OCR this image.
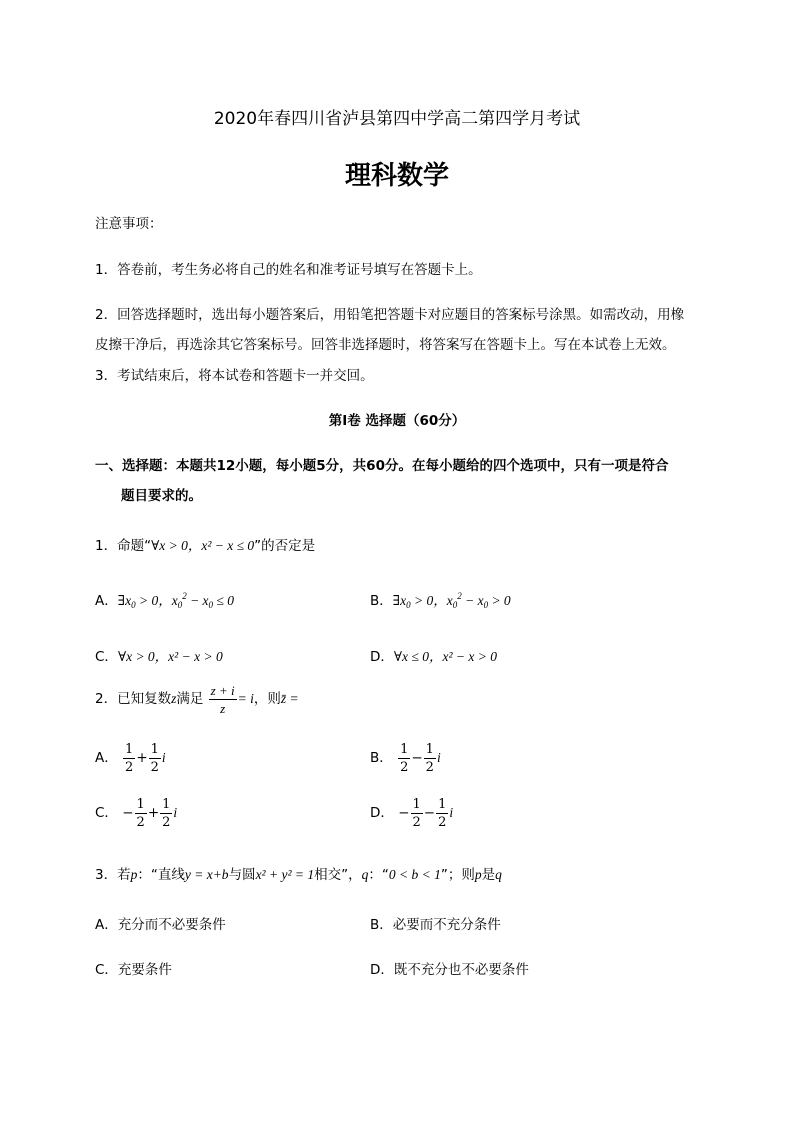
2020年春四川省泸县第四中学高二第四学月考试
理科数学
注意事项：
1．答卷前，考生务必将自己的姓名和准考证号填写在答题卡上。
2．回答选择题时，选出每小题答案后，用铅笔把答题卡对应题目的答案标号涂黑。如需改动，用橡
皮擦干净后，再选涂其它答案标号。回答非选择题时，将答案写在答题卡上。写在本试卷上无效。
3．考试结束后，将本试卷和答题卡一并交回。
第Ⅰ卷 选择题（60分）
一、选择题：本题共12小题，每小题5分，共60分。在每小题给的四个选项中，只有一项是符合
题目要求的。
1．命题“∀x > 0，x² − x ≤ 0”的否定是
A．$\exists x_0 > 0$，$x_0^2 - x_0 \le 0$	B．$\exists x_0 > 0$，$x_0^2 - x_0 > 0$
C．∀x > 0，x² − x > 0	D．∀x ≤ 0，x² − x > 0
2．已知复数z满足 $\frac{z + i}{z} = i$，则z̄ =
A． $\frac{1}{2} + \frac{1}{2}$ i	B． $\frac{1}{2} - \frac{1}{2}$ i
C． − $\frac{1}{2} + \frac{1}{2}$ i	D． − $\frac{1}{2} - \frac{1}{2}$ i
3．若p：“直线y = x+b与圆x² + y² = 1相交”，q：“0 < b < 1”；则p是q
A．充分而不必要条件	B．必要而不充分条件
C．充要条件	D．既不充分也不必要条件
